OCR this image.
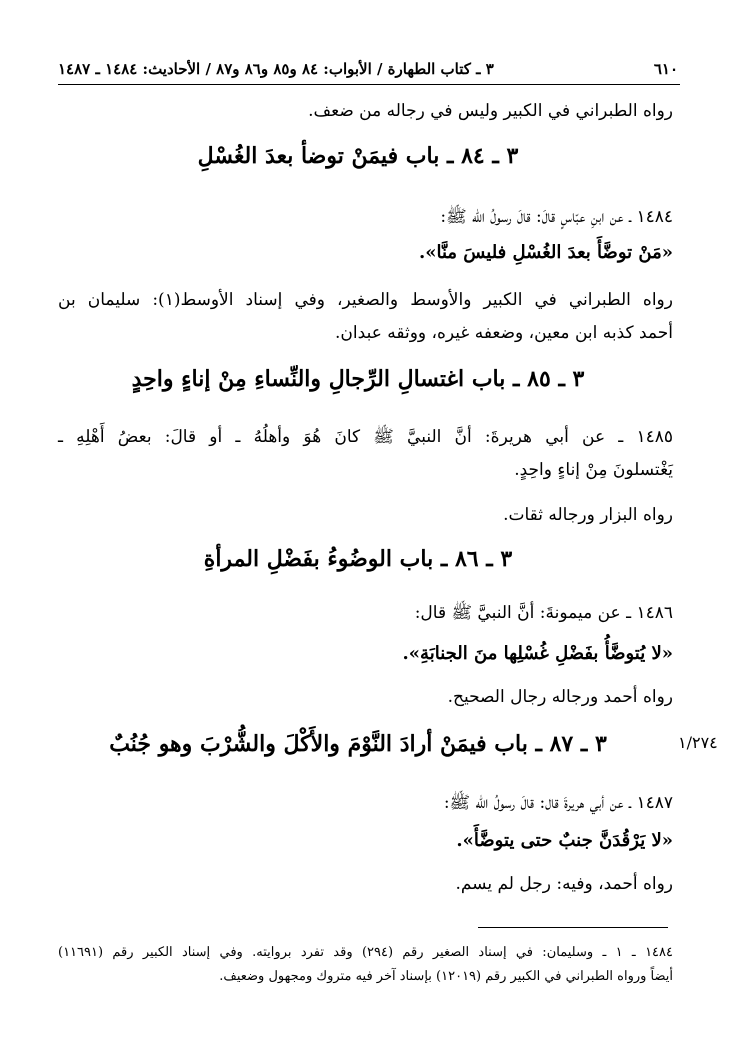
٦١٠
٣ ـ كتاب الطهارة / الأبواب: ٨٤ و٨٥ و٨٦ و٨٧ / الأحاديث: ١٤٨٤ ـ ١٤٨٧
رواه الطبراني في الكبير وليس في رجاله من ضعف.
٣ ـ ٨٤ ـ باب فيمَنْ توضأ بعدَ الغُسْلِ
١٤٨٤ ـ عن ابنِ عبّاسٍ قالَ: قالَ رسولُ الله ﷺ:
«مَنْ توضَّأَ بعدَ الغُسْلِ فليسَ منَّا».
رواه الطبراني في الكبير والأوسط والصغير، وفي إسناد الأوسط(١): سليمان بن
أحمد كذبه ابن معين، وضعفه غيره، ووثقه عبدان.
٣ ـ ٨٥ ـ باب اغتسالِ الرِّجالِ والنِّساءِ مِنْ إناءٍ واحِدٍ
١٤٨٥ ـ عن أبي هريرةَ: أنَّ النبيَّ ﷺ كانَ هُوَ وأهلُهُ ـ أو قالَ: بعضُ أَهْلِهِ ـ
يَغْتسلونَ مِنْ إناءٍ واحِدٍ.
رواه البزار ورجاله ثقات.
٣ ـ ٨٦ ـ باب الوضُوءُ بفَضْلِ المرأةِ
١٤٨٦ ـ عن ميمونةَ: أنَّ النبيَّ ﷺ قال:
«لا يُتوضَّأُ بفَضْلِ غُسْلِها منَ الجنابَةِ».
رواه أحمد ورجاله رجال الصحيح.
٣ ـ ٨٧ ـ باب فيمَنْ أرادَ النَّوْمَ والأَكْلَ والشُّرْبَ وهو جُنُبٌ	١/٢٧٤
١٤٨٧ ـ عن أبي هريرةَ قال: قالَ رسولُ الله ﷺ:
«لا يَرْقُدَنَّ جنبٌ حتى يتوضَّأَ».
رواه أحمد، وفيه: رجل لم يسم.
١٤٨٤ ـ ١ ـ وسليمان: في إسناد الصغير رقم (٢٩٤) وقد تفرد بروايته. وفي إسناد الكبير رقم (١١٦٩١)
أيضاً ورواه الطبراني في الكبير رقم (١٢٠١٩) بإسناد آخر فيه متروك ومجهول وضعيف.
